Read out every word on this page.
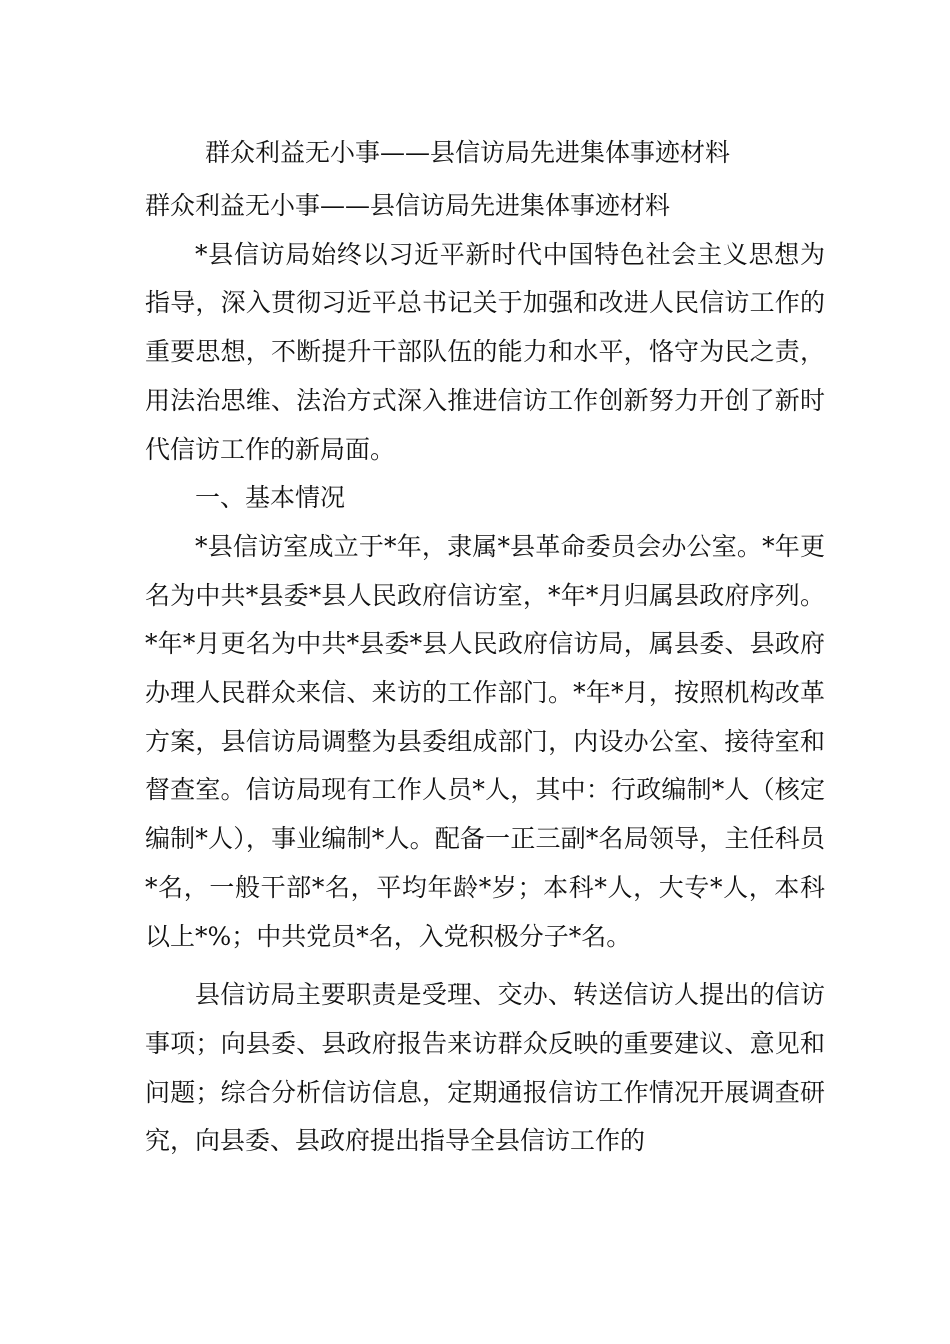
群众利益无小事——县信访局先进集体事迹材料

群众利益无小事——县信访局先进集体事迹材料

*县信访局始终以习近平新时代中国特色社会主义思想为指导，深入贯彻习近平总书记关于加强和改进人民信访工作的重要思想，不断提升干部队伍的能力和水平，恪守为民之责，用法治思维、法治方式深入推进信访工作创新努力开创了新时代信访工作的新局面。

一、基本情况

*县信访室成立于*年，隶属*县革命委员会办公室。*年更名为中共*县委*县人民政府信访室，*年*月归属县政府序列。*年*月更名为中共*县委*县人民政府信访局，属县委、县政府办理人民群众来信、来访的工作部门。*年*月，按照机构改革方案，县信访局调整为县委组成部门，内设办公室、接待室和督查室。信访局现有工作人员*人，其中：行政编制*人（核定编制*人），事业编制*人。配备一正三副*名局领导，主任科员*名，一般干部*名，平均年龄*岁；本科*人，大专*人，本科以上*%；中共党员*名，入党积极分子*名。

县信访局主要职责是受理、交办、转送信访人提出的信访事项；向县委、县政府报告来访群众反映的重要建议、意见和问题；综合分析信访信息，定期通报信访工作情况开展调查研究，向县委、县政府提出指导全县信访工作的
